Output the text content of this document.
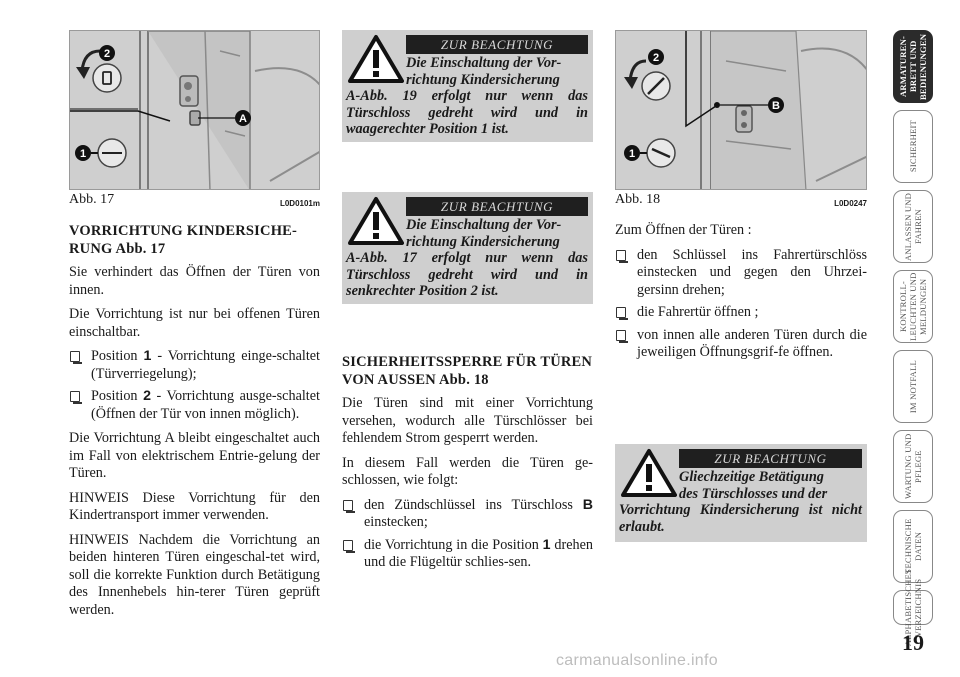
2
1
A
Abb. 17	L0D0101m
VORRICHTUNG KINDERSICHE-RUNG Abb. 17

Sie verhindert das Öffnen der Türen von innen.

Die Vorrichtung ist nur bei offenen Türen einschaltbar.

Position 1 - Vorrichtung einge-schaltet (Türverriegelung);
Position 2 - Vorrichtung ausge-schaltet (Öffnen der Tür von innen möglich).

Die Vorrichtung A bleibt eingeschaltet auch im Fall von elektrischem Entrie-gelung der Türen.

HINWEIS Diese Vorrichtung für den Kindertransport immer verwenden.

HINWEIS Nachdem die Vorrichtung an beiden hinteren Türen eingeschal-tet wird, soll die korrekte Funktion durch Betätigung des Innenhebels hin-terer Türen geprüft werden.

ZUR BEACHTUNG
Die Einschaltung der Vor-
richtung Kindersicherung
A-Abb. 19 erfolgt nur wenn das Türschloss gedreht wird und in waagerechter Position 1 ist.
ZUR BEACHTUNG
Die Einschaltung der Vor-
richtung Kindersicherung
A-Abb. 17 erfolgt nur wenn das Türschloss gedreht wird und in senkrechter Position 2 ist.
SICHERHEITSSPERRE FÜR TÜREN VON AUSSEN Abb. 18

Die Türen sind mit einer Vorrichtung versehen, wodurch alle Türschlösser bei fehlendem Strom gesperrt werden.

In diesem Fall werden die Türen ge-schlossen, wie folgt:

den Zündschlüssel ins Türschloss B einstecken;
die Vorrichtung in die Position 1 drehen und die Flügeltür schlies-sen.
B
2
1
Abb. 18	L0D0247

Zum Öffnen der Türen :

den Schlüssel ins Fahrertürschlöss einstecken und gegen den Uhrzei-gersinn drehen;
die Fahrertür öffnen ;
von innen alle anderen Türen durch die jeweiligen Öffnungsgrif-fe öffnen.
ZUR BEACHTUNG
Gliechzeitige Betätigung
des Türschlosses und der
Vorrichtung Kindersicherung ist nicht erlaubt.
ARMATUREN-BRETT UND BEDIENUNGEN
SICHERHEIT
ANLASSEN UND FAHREN
KONTROLL-LEUCHTEN UND MELDUNGEN
IM NOTFALL
WARTUNG UND PFLEGE
TECHNISCHE DATEN
ALPHABETISCHES VERZEICHNIS
19
carmanualsonline.info
